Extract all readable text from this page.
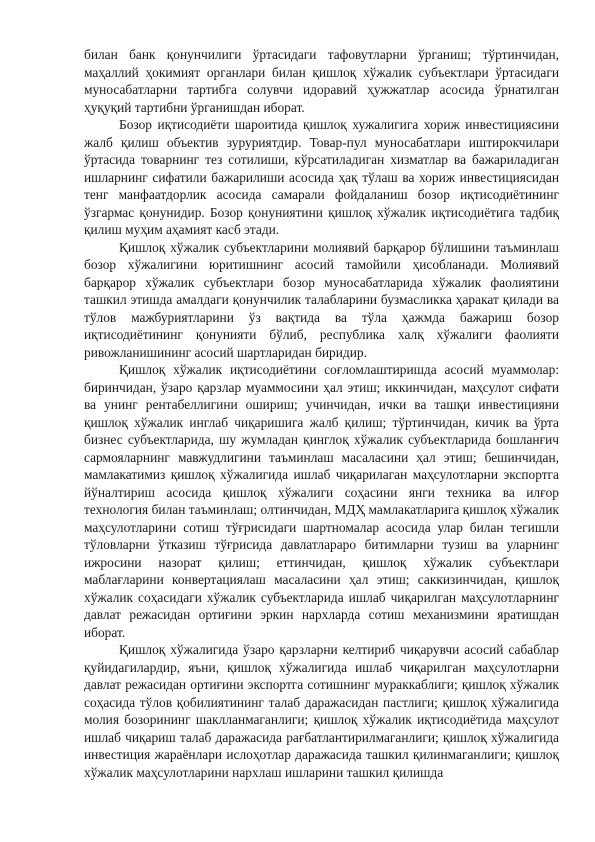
билан банк қонунчилиги ўртасидаги тафовутларни ўрганиш; тўртинчидан, маҳаллий ҳокимият органлари билан қишлоқ хўжалик субъектлари ўртасидаги муносабатларни тартибга солувчи идоравий ҳужжатлар асосида ўрнатилган ҳуқуқий тартибни ўрганишдан иборат.

Бозор иқтисодиёти шароитида қишлоқ хужалигига хориж инвестициясини жалб қилиш объектив зуруриятдир. Товар-пул муносабатлари иштирокчилари ўртасида товарнинг тез сотилиши, кўрсатиладиган хизматлар ва бажариладиган ишларнинг сифатили бажарилиши асосида ҳақ тўлаш ва хориж инвестициясидан тенг манфаатдорлик асосида самарали фойдаланиш бозор иқтисодиётининг ўзгармас қонунидир. Бозор қонуниятини қишлоқ хўжалик иқтисодиётига тадбиқ қилиш муҳим аҳамият касб этади.

Қишлоқ хўжалик субъектларини молиявий барқарор бўлишини таъминлаш бозор хўжалигини юритишнинг асосий тамойили ҳисобланади. Молиявий барқарор хўжалик субъектлари бозор муносабатларида хўжалик фаолиятини ташкил этишда амалдаги қонунчилик талабларини бузмасликка ҳаракат қилади ва тўлов мажбуриятларини ўз вақтида ва тўла ҳажмда бажариш бозор иқтисодиётининг қонунияти бўлиб, республика халқ хўжалиги фаолияти ривожланишининг асосий шартларидан биридир.

Қишлоқ хўжалик иқтисодиётини соғломлаштиришда асосий муаммолар: биринчидан, ўзаро қарзлар муаммосини ҳал этиш; иккинчидан, маҳсулот сифати ва унинг рентабеллигини ошириш; учинчидан, ички ва ташқи инвестицияни қишлоқ хўжалик инглаб чиқаришига жалб қилиш; тўртинчидан, кичик ва ўрта бизнес субъектларида, шу жумладан қинглоқ хўжалик субъектларида бошланғич сармояларнинг мавжудлигини таъминлаш масаласини ҳал этиш; бешинчидан, мамлакатимиз қишлоқ хўжалигида ишлаб чиқарилаган маҳсулотларни экспортга йўналтириш асосида қишлоқ хўжалиги соҳасини янги техника ва илғор технология билан таъминлаш; олтинчидан, МДҲ мамлакатларига қишлоқ хўжалик маҳсулотларини сотиш тўғрисидаги шартномалар асосида улар билан тегишли тўловларни ўтказиш тўғрисида давлатлараро битимларни тузиш ва уларнинг ижросини назорат қилиш; еттинчидан, қишлоқ хўжалик субъектлари маблағларини конвертациялаш масаласини ҳал этиш; саккизинчидан, қишлоқ хўжалик соҳасидаги хўжалик субъектларида ишлаб чиқарилган маҳсулотларнинг давлат режасидан ортиғини эркин нархларда сотиш механизмини яратишдан иборат.

Қишлоқ хўжалигида ўзаро қарзларни келтириб чиқарувчи асосий сабаблар қуйидагилардир, яъни, қишлоқ хўжалигида ишлаб чиқарилган маҳсулотларни давлат режасидан ортиғини экспортга сотишнинг мураккаблиги; қишлоқ хўжалик соҳасида тўлов қобилиятининг талаб даражасидан пастлиги; қишлоқ хўжалигида молия бозорининг шаклланмаганлиги; қишлоқ хўжалик иқтисодиётида маҳсулот ишлаб чиқариш талаб даражасида рағбатлантирилмаганлиги; қишлоқ хўжалигида инвестиция жараёнлари ислоҳотлар даражасида ташкил қилинмаганлиги; қишлоқ хўжалик маҳсулотларини нархлаш ишларини ташкил қилишда
